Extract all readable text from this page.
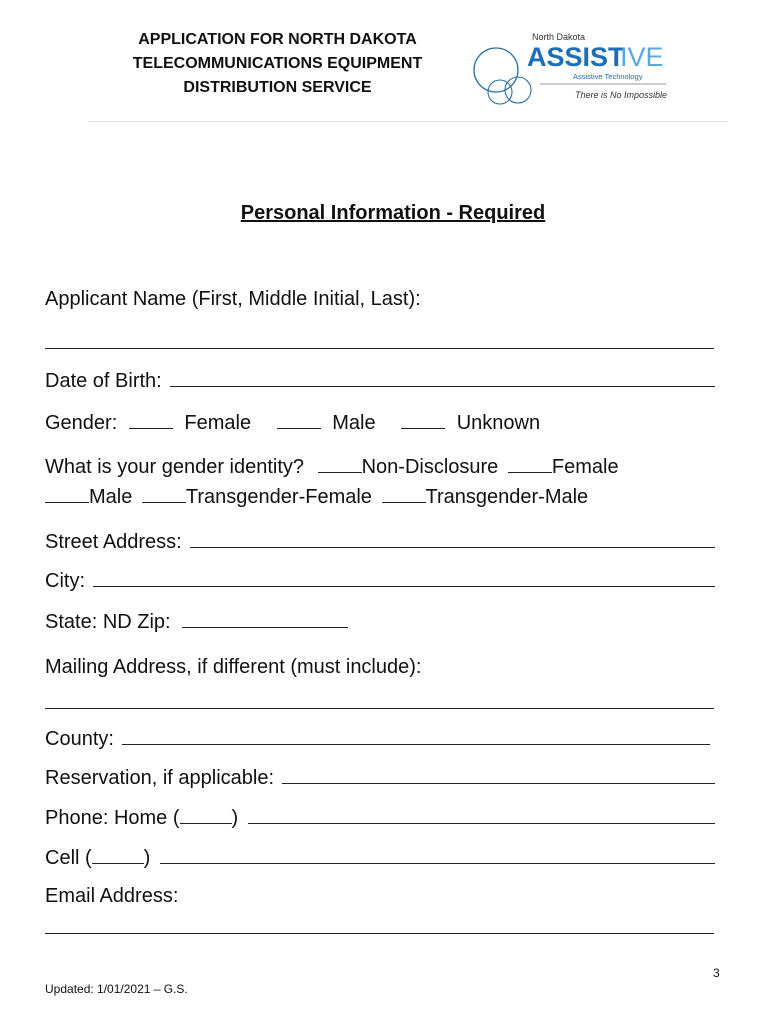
APPLICATION FOR NORTH DAKOTA
TELECOMMUNICATIONS EQUIPMENT
DISTRIBUTION SERVICE
North Dakota
ASSIST
IVE
Assistive Technology
There is No Impossible
Personal Information - Required
Applicant Name (First, Middle Initial, Last):
Date of Birth:
Gender:	Female	Male	Unknown
What is your gender identity?	Non-Disclosure	Female
Male	Transgender-Female	Transgender-Male
Street Address:
City:
State: ND Zip:
Mailing Address, if different (must include):
County:
Reservation, if applicable:
Phone: Home (	)
Cell (	)
Email Address:
3
Updated: 1/01/2021 – G.S.
